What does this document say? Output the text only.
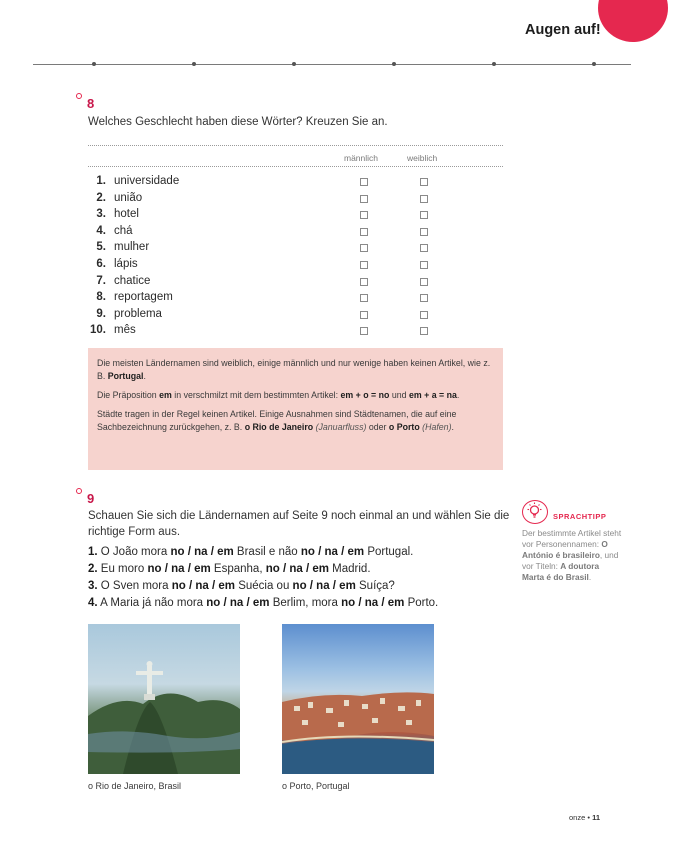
Augen auf!
8
Welches Geschlecht haben diese Wörter? Kreuzen Sie an.
männlich	weiblich
1. universidade
2. união
3. hotel
4. chá
5. mulher
6. lápis
7. chatice
8. reportagem
9. problema
10. mês

Die meisten Ländernamen sind weiblich, einige männlich und nur wenige haben keinen Artikel, wie z. B. Portugal.

Die Präposition em in verschmilzt mit dem bestimmten Artikel: em + o = no und em + a = na.

Städte tragen in der Regel keinen Artikel. Einige Ausnahmen sind Städtenamen, die auf eine Sachbezeichnung zurückgehen, z. B. o Rio de Janeiro (Januarfluss) oder o Porto (Hafen).

9
Schauen Sie sich die Ländernamen auf Seite 9 noch einmal an und wählen Sie die
richtige Form aus.
1. O João mora no / na / em Brasil e não no / na / em Portugal.
2. Eu moro no / na / em Espanha, no / na / em Madrid.
3. O Sven mora no / na / em Suécia ou no / na / em Suíça?
4. A Maria já não mora no / na / em Berlim, mora no / na / em Porto.
SPRACHTIPP
Der bestimmte Artikel steht vor Personennamen: O António é brasileiro, und vor Titeln: A doutora Marta é do Brasil.
o Rio de Janeiro, Brasil	o Porto, Portugal
onze • 11
